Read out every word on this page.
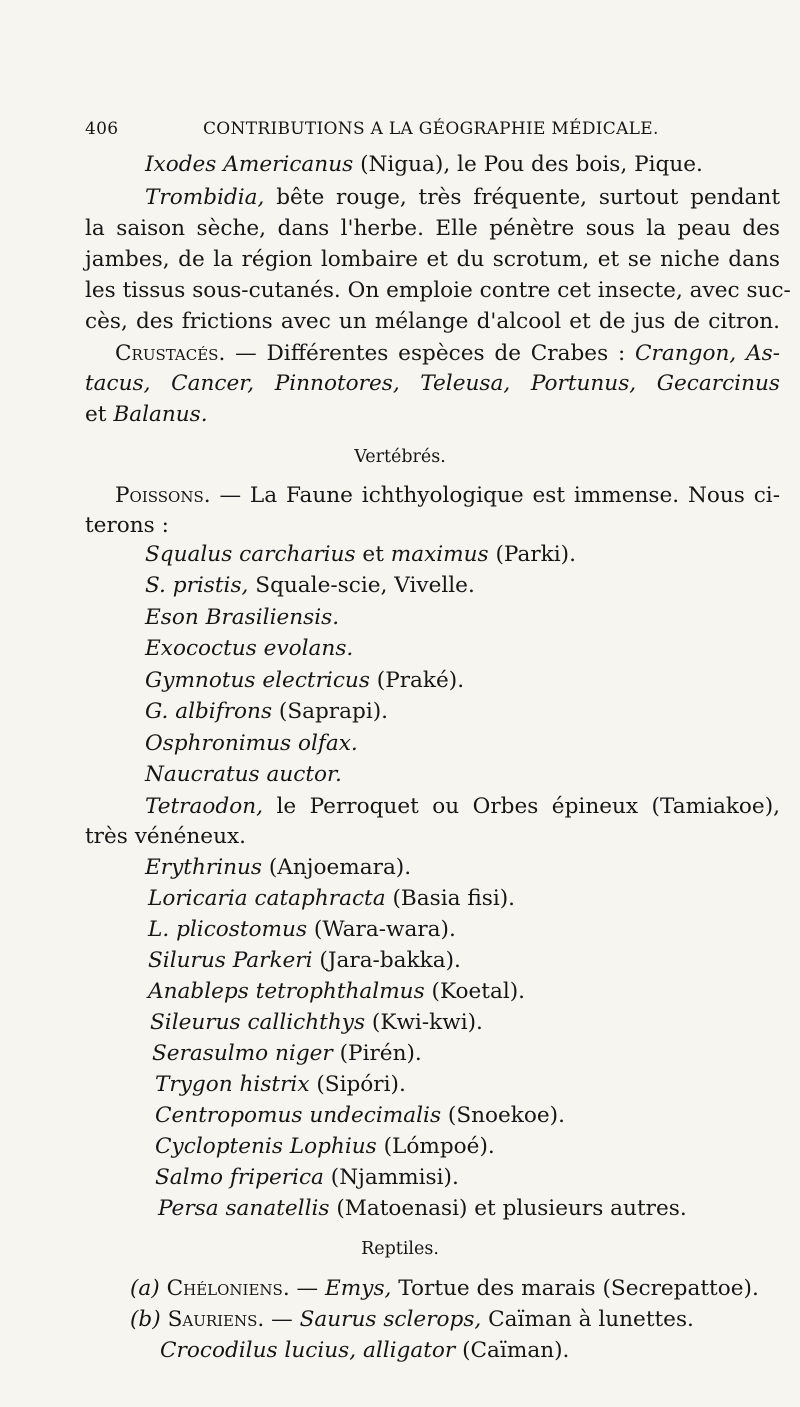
406	CONTRIBUTIONS A LA GÉOGRAPHIE MÉDICALE.
Ixodes Americanus (Nigua), le Pou des bois, Pique.
Trombidia, bête rouge, très fréquente, surtout pendant
la saison sèche, dans l'herbe. Elle pénètre sous la peau des
jambes, de la région lombaire et du scrotum, et se niche dans
les tissus sous-cutanés. On emploie contre cet insecte, avec suc-
cès, des frictions avec un mélange d'alcool et de jus de citron.
Crustacés. — Différentes espèces de Crabes : Crangon, As-
tacus, Cancer, Pinnotores, Teleusa, Portunus, Gecarcinus
et Balanus.
Vertébrés.
Poissons. — La Faune ichthyologique est immense. Nous ci-
terons :
Squalus carcharius et maximus (Parki).
S. pristis, Squale-scie, Vivelle.
Eson Brasiliensis.
Exococtus evolans.
Gymnotus electricus (Praké).
G. albifrons (Saprapi).
Osphronimus olfax.
Naucratus auctor.
Tetraodon, le Perroquet ou Orbes épineux (Tamiakoe),
très vénéneux.
Erythrinus (Anjoemara).
Loricaria cataphracta (Basia fisi).
L. plicostomus (Wara-wara).
Silurus Parkeri (Jara-bakka).
Anableps tetrophthalmus (Koetal).
Sileurus callichthys (Kwi-kwi).
Serasulmo niger (Pirén).
Trygon histrix (Sipóri).
Centropomus undecimalis (Snoekoe).
Cycloptenis Lophius (Lómpoé).
Salmo friperica (Njammisi).
Persa sanatellis (Matoenasi) et plusieurs autres.
Reptiles.
(a) Chéloniens. — Emys, Tortue des marais (Secrepattoe).
(b) Sauriens. — Saurus sclerops, Caïman à lunettes.
Crocodilus lucius, alligator (Caïman).
